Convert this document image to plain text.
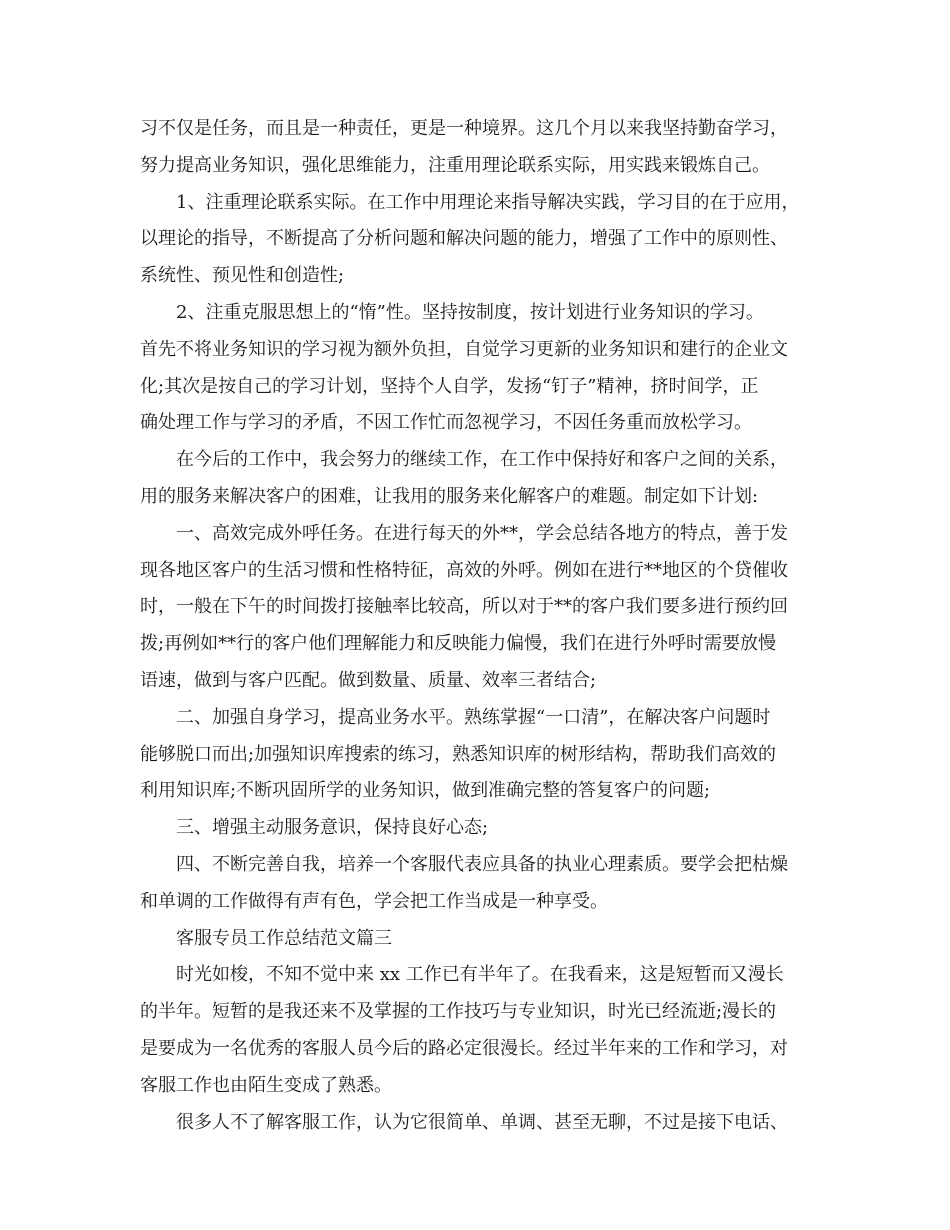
习不仅是任务，而且是一种责任，更是一种境界。这几个月以来我坚持勤奋学习，

努力提高业务知识，强化思维能力，注重用理论联系实际，用实践来锻炼自己。

1、注重理论联系实际。在工作中用理论来指导解决实践，学习目的在于应用，

以理论的指导，不断提高了分析问题和解决问题的能力，增强了工作中的原则性、

系统性、预见性和创造性;

2、注重克服思想上的“惰”性。坚持按制度，按计划进行业务知识的学习。

首先不将业务知识的学习视为额外负担，自觉学习更新的业务知识和建行的企业文

化;其次是按自己的学习计划，坚持个人自学，发扬“钉子”精神，挤时间学，正

确处理工作与学习的矛盾，不因工作忙而忽视学习，不因任务重而放松学习。

在今后的工作中，我会努力的继续工作，在工作中保持好和客户之间的关系，

用的服务来解决客户的困难，让我用的服务来化解客户的难题。制定如下计划:

一、高效完成外呼任务。在进行每天的外**，学会总结各地方的特点，善于发

现各地区客户的生活习惯和性格特征，高效的外呼。例如在进行**地区的个贷催收

时，一般在下午的时间拨打接触率比较高，所以对于**的客户我们要多进行预约回

拨;再例如**行的客户他们理解能力和反映能力偏慢，我们在进行外呼时需要放慢

语速，做到与客户匹配。做到数量、质量、效率三者结合;

二、加强自身学习，提高业务水平。熟练掌握“一口清”，在解决客户问题时

能够脱口而出;加强知识库搜索的练习，熟悉知识库的树形结构，帮助我们高效的

利用知识库;不断巩固所学的业务知识，做到准确完整的答复客户的问题;

三、增强主动服务意识，保持良好心态;

四、不断完善自我，培养一个客服代表应具备的执业心理素质。要学会把枯燥

和单调的工作做得有声有色，学会把工作当成是一种享受。

客服专员工作总结范文篇三

时光如梭，不知不觉中来 xx 工作已有半年了。在我看来，这是短暂而又漫长

的半年。短暂的是我还来不及掌握的工作技巧与专业知识，时光已经流逝;漫长的

是要成为一名优秀的客服人员今后的路必定很漫长。经过半年来的工作和学习，对

客服工作也由陌生变成了熟悉。

很多人不了解客服工作，认为它很简单、单调、甚至无聊，不过是接下电话、
